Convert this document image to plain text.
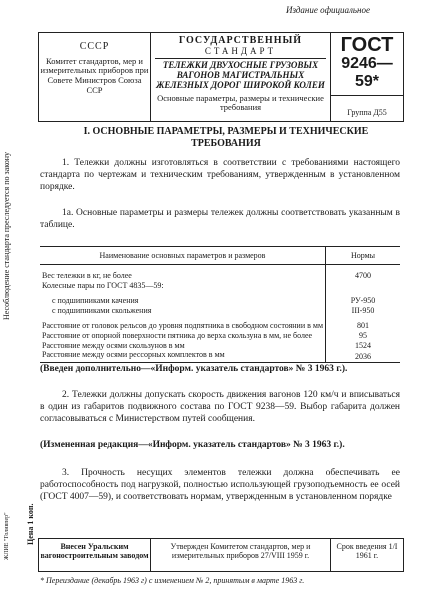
Издание официальное
Несоблюдение стандарта преследуется по закону
Цена 1 коп.
ЖЛИЕ "Голивпер"
СССР
Комитет стандартов, мер и измерительных приборов при Совете Министров Союза ССР
ГОСУДАРСТВЕННЫЙ
СТАНДАРТ
ТЕЛЕЖКИ ДВУХОСНЫЕ ГРУЗОВЫХ ВАГОНОВ МАГИСТРАЛЬНЫХ ЖЕЛЕЗНЫХ ДОРОГ ШИРОКОЙ КОЛЕИ
Основные параметры, размеры и технические требования
ГОСТ
9246—59*
Группа Д55
I. ОСНОВНЫЕ ПАРАМЕТРЫ, РАЗМЕРЫ И ТЕХНИЧЕСКИЕ ТРЕБОВАНИЯ
1. Тележки должны изготовляться в соответствии с требованиями настоящего стандарта по чертежам и техническим требованиям, утвержденным в установленном порядке.
1а. Основные параметры и размеры тележек должны соответствовать указанным в таблице.
Наименование основных параметров и размеров	Нормы
Вес тележки в кг, не более	4700
Колесные пары по ГОСТ 4835—59:	
с подшипниками качения	РУ-950
с подшипниками скольжения	III-950
Расстояние от головок рельсов до уровня подпятника в свободном состоянии в мм	801
Расстояние от опорной поверхности пятника до верха скользуна в мм, не более	95
Расстояние между осями скользунов в мм	1524
Расстояние между осями рессорных комплектов в мм	2036
(Введен дополнительно—«Информ. указатель стандартов» № 3 1963 г.).
2. Тележки должны допускать скорость движения вагонов 120 км/ч и вписываться в один из габаритов подвижного состава по ГОСТ 9238—59. Выбор габарита должен согласовываться с Министерством путей сообщения.
(Измененная редакция—«Информ. указатель стандартов» № 3 1963 г.).
3. Прочность несущих элементов тележки должна обеспечивать ее работоспособность под нагрузкой, полностью использующей грузоподъемность ее осей (ГОСТ 4007—59), и соответствовать нормам, утвержденным в установленном порядке
Внесен Уральским вагоностроительным заводом
Утвержден Комитетом стандартов, мер и измерительных приборов 27/VIII 1959 г.
Срок введения 1/I 1961 г.
* Переиздание (декабрь 1963 г) с изменением № 2, принятым в марте 1963 г.
